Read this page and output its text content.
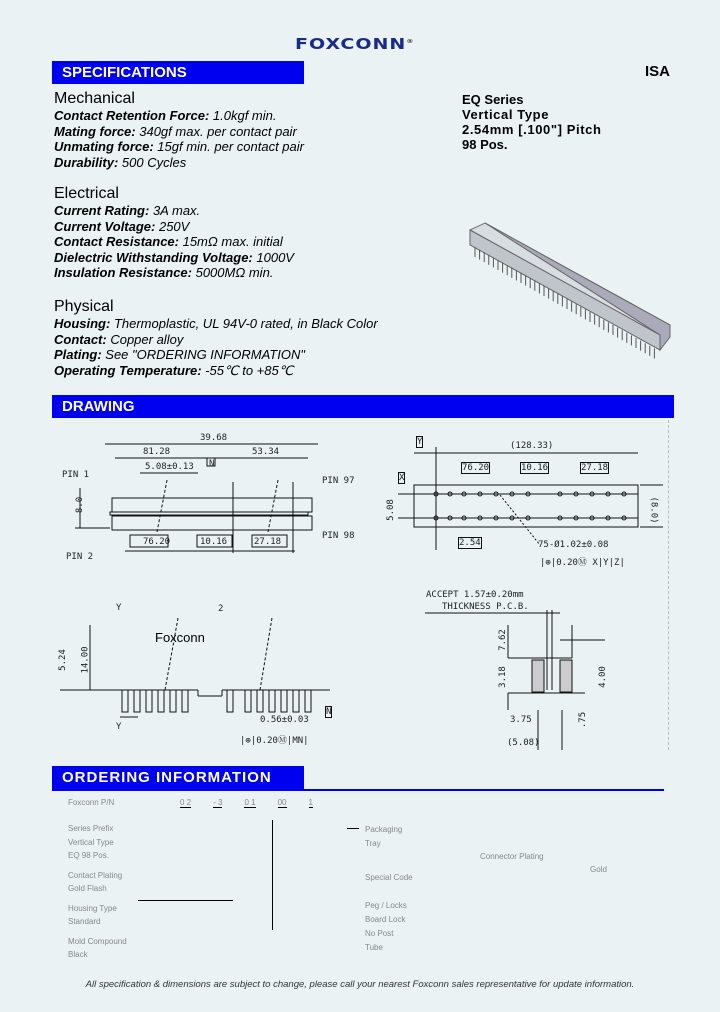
FOXCONN®
ISA
SPECIFICATIONS
EQ Series
Vertical Type
2.54mm [.100"] Pitch
98 Pos.
Mechanical
Contact Retention Force: 1.0kgf min.
Mating force: 340gf max. per contact pair
Unmating force: 15gf min. per contact pair
Durability: 500 Cycles
Electrical
Current Rating: 3A max.
Current Voltage: 250V
Contact Resistance: 15mΩ max. initial
Dielectric Withstanding Voltage: 1000V
Insulation Resistance: 5000MΩ min.
Physical
Housing: Thermoplastic, UL 94V-0 rated, in Black Color
Contact: Copper alloy
Plating: See "ORDERING INFORMATION"
Operating Temperature: -55℃ to +85℃
DRAWING
39.68
81.28	53.34
5.08±0.13 N
PIN 1
PIN 2
PIN 97
PIN 98
8.0
76.20	10.16	27.18
(128.33)
76.20	10.16	27.18
X
Y
2.54
5.08	(8.0)
75-Ø1.02±0.08
|⊕|0.20Ⓜ X|Y|Z|
Y
Y
Foxconn
2
5.24 14.00
0.56±0.03
|⊕|0.20Ⓜ|MN|
N
ACCEPT 1.57±0.20mm
THICKNESS P.C.B.
7.62
3.18	4.00
3.75
(5.08)
.75
ORDERING INFORMATION
Foxconn P/N	0 2	- 3	0 1	00	1
Series Prefix
Vertical Type
EQ 98 Pos.
Contact Plating
Gold Flash
Housing Type
Standard
Mold Compound
Black
Packaging
Tray
Special Code
Peg / Locks
Board Lock
No Post
Tube
Connector Plating
Gold
All specification & dimensions are subject to change, please call your nearest Foxconn sales representative for update information.
